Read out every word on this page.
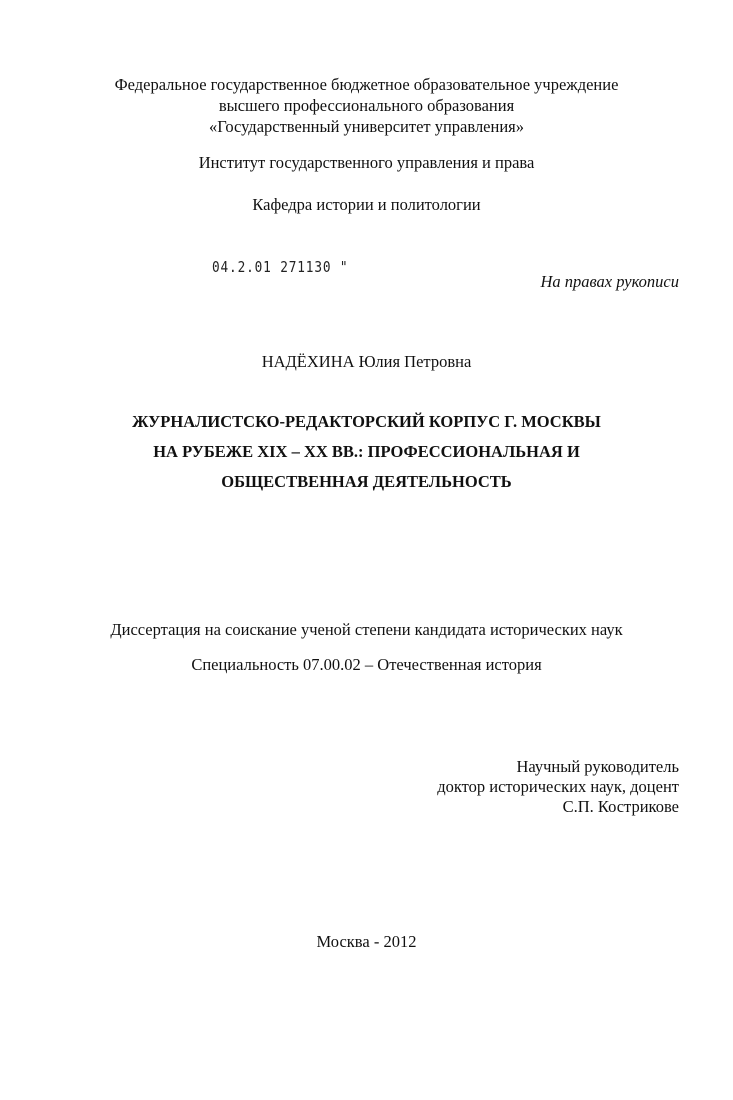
Федеральное государственное бюджетное образовательное учреждение
высшего профессионального образования
«Государственный университет управления»
Институт государственного управления и права
Кафедра истории и политологии
04.2.01 271130 "
На правах рукописи
НАДЁХИНА Юлия Петровна
ЖУРНАЛИСТСКО-РЕДАКТОРСКИЙ КОРПУС Г. МОСКВЫ
НА РУБЕЖЕ XIX – XX ВВ.: ПРОФЕССИОНАЛЬНАЯ И
ОБЩЕСТВЕННАЯ ДЕЯТЕЛЬНОСТЬ
Диссертация на соискание ученой степени кандидата исторических наук
Специальность 07.00.02 – Отечественная история
Научный руководитель
доктор исторических наук, доцент
С.П. Кострикове
Москва - 2012
